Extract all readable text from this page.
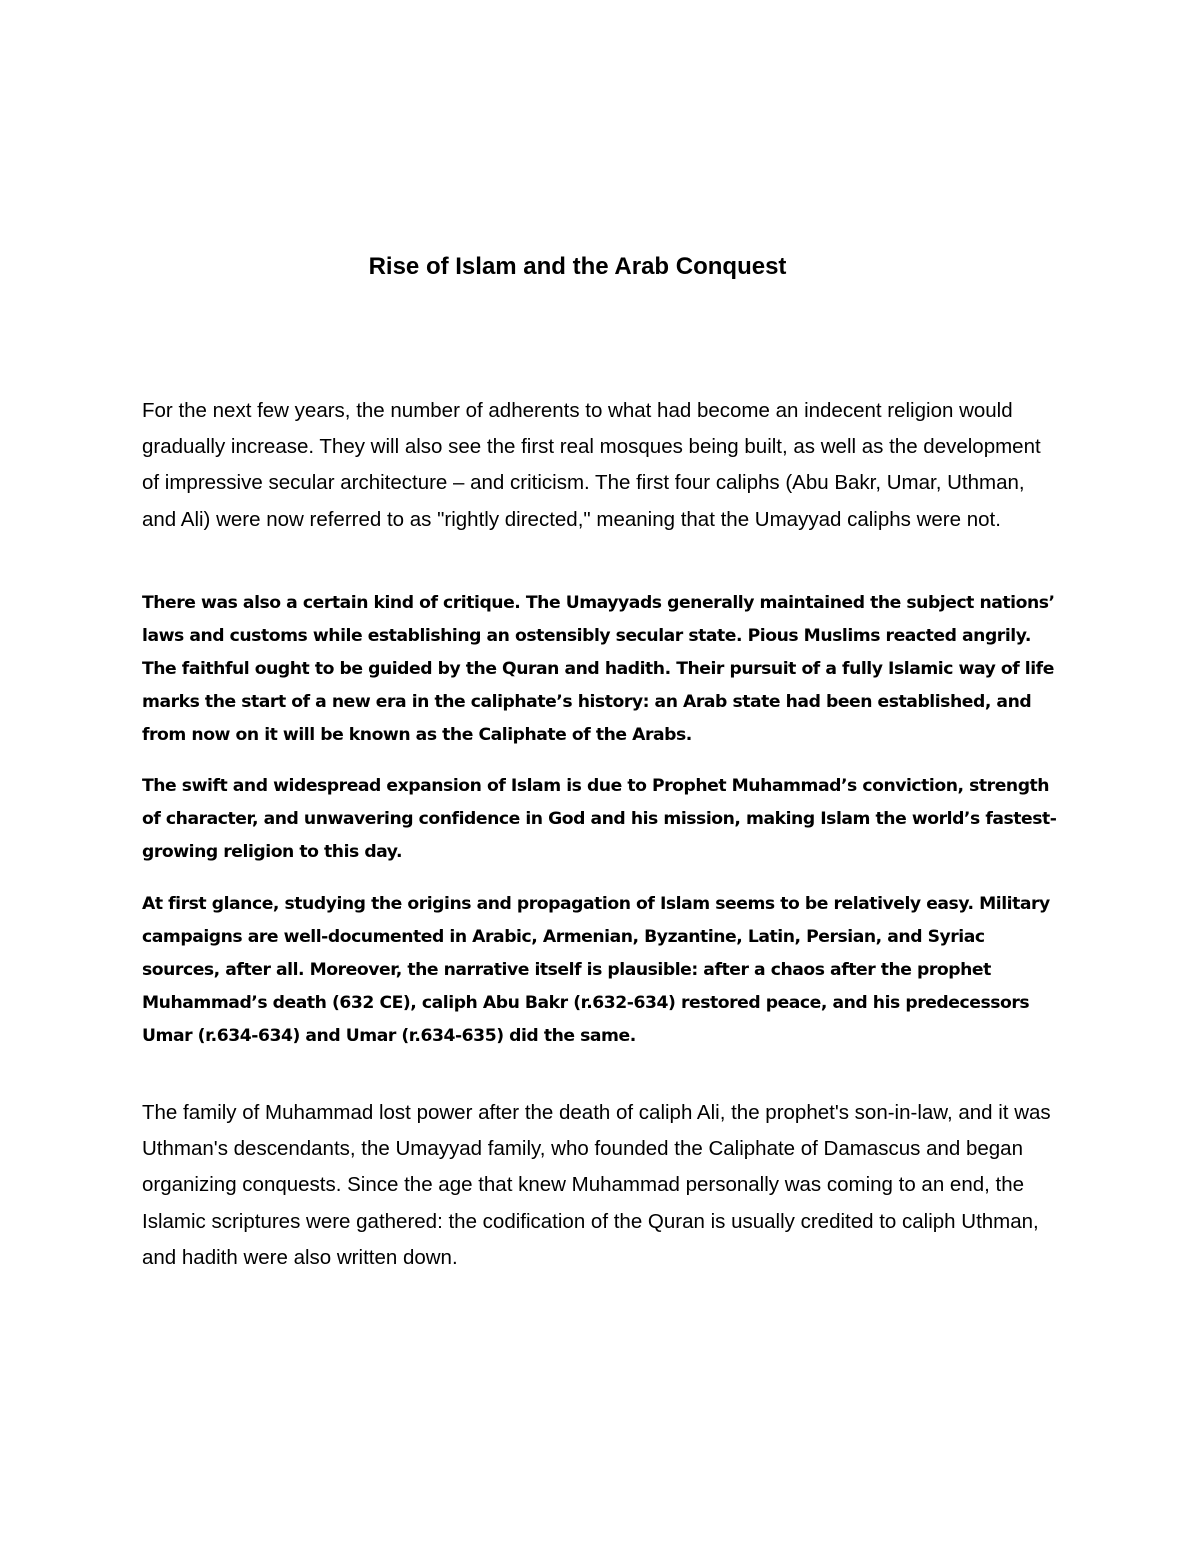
Rise of Islam and the Arab Conquest

For the next few years, the number of adherents to what had become an indecent religion would gradually increase. They will also see the first real mosques being built, as well as the development of impressive secular architecture – and criticism. The first four caliphs (Abu Bakr, Umar, Uthman, and Ali) were now referred to as "rightly directed," meaning that the Umayyad caliphs were not.

There was also a certain kind of critique. The Umayyads generally maintained the subject nations’ laws and customs while establishing an ostensibly secular state. Pious Muslims reacted angrily. The faithful ought to be guided by the Quran and hadith. Their pursuit of a fully Islamic way of life marks the start of a new era in the caliphate’s history: an Arab state had been established, and from now on it will be known as the Caliphate of the Arabs.

The swift and widespread expansion of Islam is due to Prophet Muhammad’s conviction, strength of character, and unwavering confidence in God and his mission, making Islam the world’s fastest-growing religion to this day.

At first glance, studying the origins and propagation of Islam seems to be relatively easy. Military campaigns are well-documented in Arabic, Armenian, Byzantine, Latin, Persian, and Syriac sources, after all. Moreover, the narrative itself is plausible: after a chaos after the prophet Muhammad’s death (632 CE), caliph Abu Bakr (r.632-634) restored peace, and his predecessors Umar (r.634-634) and Umar (r.634-635) did the same.

The family of Muhammad lost power after the death of caliph Ali, the prophet's son-in-law, and it was Uthman's descendants, the Umayyad family, who founded the Caliphate of Damascus and began organizing conquests. Since the age that knew Muhammad personally was coming to an end, the Islamic scriptures were gathered: the codification of the Quran is usually credited to caliph Uthman, and hadith were also written down.
